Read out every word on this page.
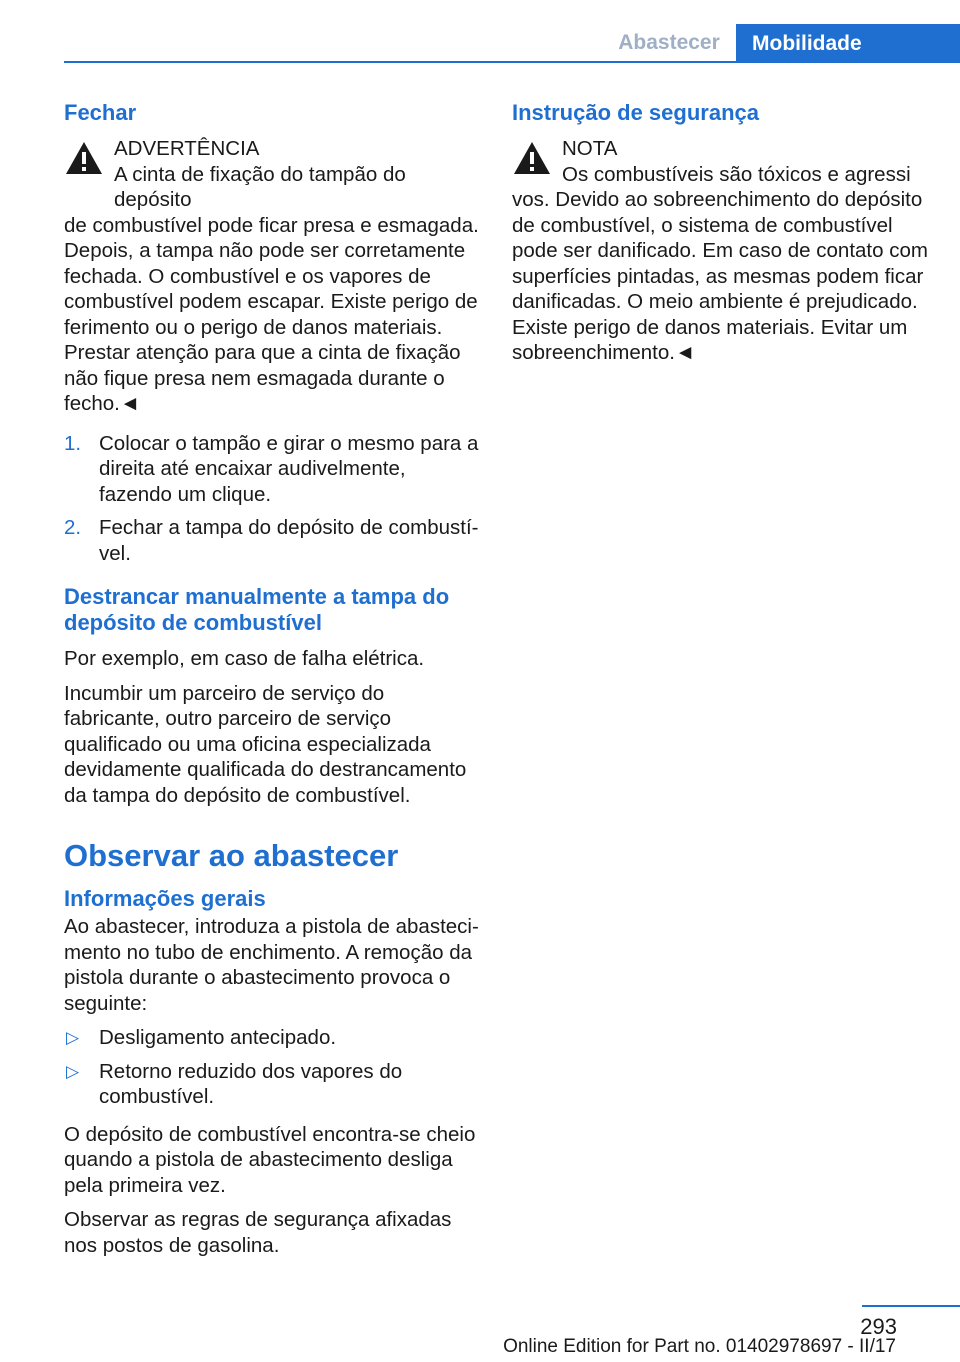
Abastecer	Mobilidade
Fechar
ADVERTÊNCIA
A cinta de fixação do tampão do depósito
de combustível pode ficar presa e esmagada. Depois, a tampa não pode ser corretamente fechada. O combustível e os vapores de combustível podem escapar. Existe perigo de ferimento ou o perigo de danos materiais. Prestar atenção para que a cinta de fixação não fique presa nem esmagada durante o fecho.◄
1. Colocar o tampão e girar o mesmo para a direita até encaixar audivelmente, fazendo um clique.
2. Fechar a tampa do depósito de combustível.
Destrancar manualmente a tampa do depósito de combustível

Por exemplo, em caso de falha elétrica.

Incumbir um parceiro de serviço do fabricante, outro parceiro de serviço qualificado ou uma oficina especializada devidamente qualificada do destrancamento da tampa do depósito de combustível.

Observar ao abastecer
Informações gerais

Ao abastecer, introduza a pistola de abastecimento no tubo de enchimento. A remoção da pistola durante o abastecimento provoca o seguinte:

▷ Desligamento antecipado.
▷ Retorno reduzido dos vapores do combustível.

O depósito de combustível encontra-se cheio quando a pistola de abastecimento desliga pela primeira vez.

Observar as regras de segurança afixadas nos postos de gasolina.

Instrução de segurança
NOTA
Os combustíveis são tóxicos e agressi
vos. Devido ao sobreenchimento do depósito de combustível, o sistema de combustível pode ser danificado. Em caso de contato com superfícies pintadas, as mesmas podem ficar danificadas. O meio ambiente é prejudicado. Existe perigo de danos materiais. Evitar um sobreenchimento.◄
293
Online Edition for Part no. 01402978697 - II/17
